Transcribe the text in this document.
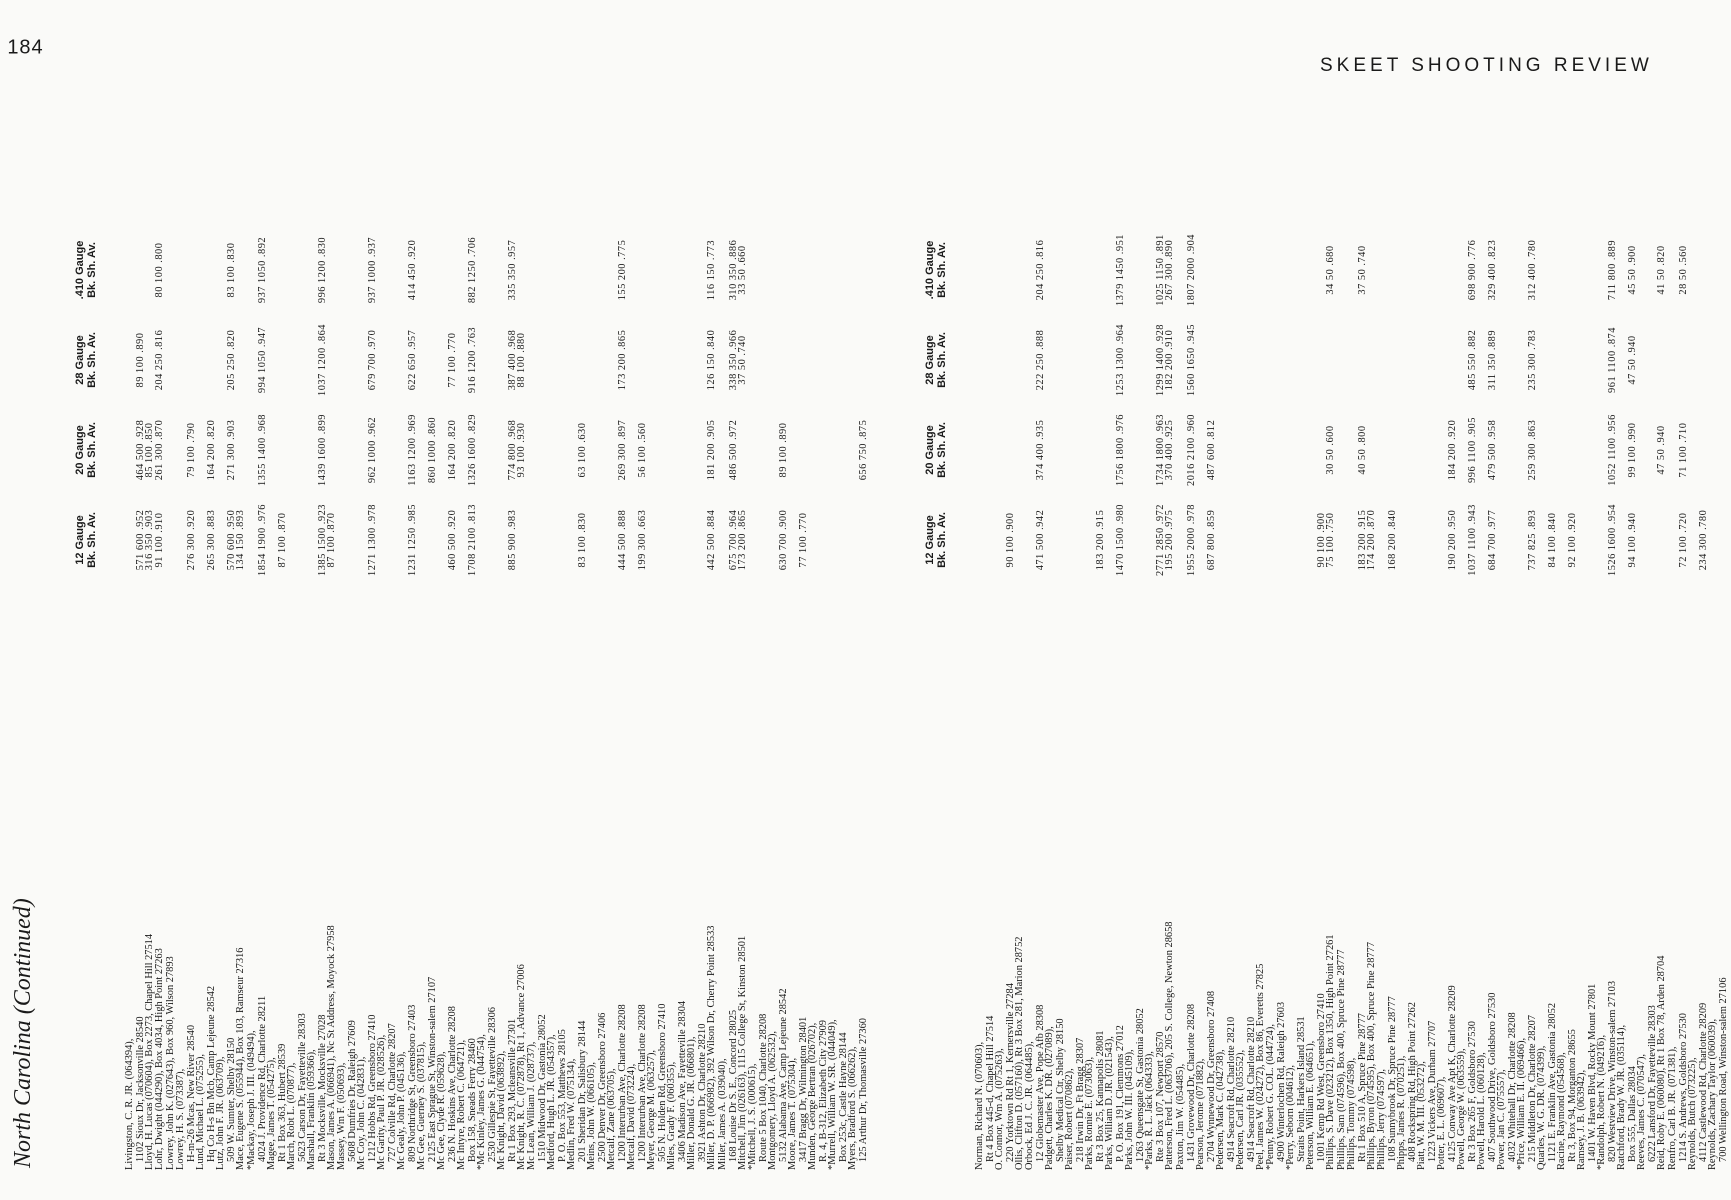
North Carolina (Continued)
184
SKEET SHOOTING REVIEW
12 Gauge Bk. Sh. Av.
20 Gauge Bk. Sh. Av.
28 Gauge Bk. Sh. Av.
.410 Gauge Bk. Sh. Av.
Livingston, C. R. JR. (064394), 1102 Sioux Dr, Jacksonville 28540
571 600 .952
464 500 .928
89 100 .890
Lloyd, H. Lucas (070604), Box 2273, Chapel Hill 27514
316 350 .903
85 100 .850
Lohr, Dwight (044290), Box 4034, High Point 27263
91 100 .910
261 300 .870
204 250 .816
80 100 .800
Lowrey, John K. (027643), Box 960, Wilson 27893 Lowrey, H. S. (073387), H-m-26 Mcas, New River 28540
276 300 .920
79 100 .790
Lund, Michael L. (075255), Hq Co H-s Bn Mcb, Camp Lejeune 28542
265 300 .883
164 200 .820
Lutz, John F. JR. (063709), 509 W. Sumter, Shelby 28150
570 600 .950
271 300 .903
205 250 .820
83 100 .830
Mace, Eugene S. (055944), Box 103, Ramseur 27316
134 150 .893
*Mackay, Joseph J. III. (049494), 4024 J. Providence Rd, Charlotte 28211
1854 1900 .976
1355 1400 .968
994 1050 .947
937 1050 .892
Magee, James T. (054275), Rt 1 Box 363, Hubert 28539
87 100 .870
March, Robt L. (070877), 5623 Carson Dr, Fayetteville 28303
Marshall, Franklin (059366), Rt 3 Mocksville, Mocksville 27028
1385 1500 .923
1439 1600 .899
1037 1200 .864
996 1200 .830
Mason, James A. (066941), Nc St Address, Moyock 27958
87 100 .870
Massey, Wm F. (050693), 5608 Dumfries Dr, Raleigh 27609
Mc Coy, John C. (042831), 1212 Hobbs Rd, Greensboro 27410
1271 1300 .978
962 1000 .962
679 700 .970
937 1000 .937
Mc Garity, Paul P. JR. (028526), 727 Colville Rd, Charlotte 28207
Mc Gealy, John P. (045136), 809 Northridge St, Greensboro 27403
1231 1250 .985
1163 1200 .969
622 650 .957
414 450 .920
Mc Gee, Guerney S. (037815), 2125 East Sprague St, Winston-salem 27107
860 1000 .860
Mc Gee, Clyde R. (059628), 236 N. Hoskins Ave, Charlotte 28208
460 500 .920
164 200 .820
77 100 .770
Mc Intyre, Robert C. (064721), Box 158, Sneads Ferry 28460
1708 2100 .813
1326 1600 .829
916 1200 .763
882 1250 .706
*Mc Kinley, James G. (044754), 2530 Gillespie St, Fayetteville 28306
Mc Knight, David (063892), Rt 1 Box 293, Mcleansville 27301
885 900 .983
774 800 .968
387 400 .968
335 350 .957
Mc Knight, R. C. (072878), Rt 1, Advance 27006
93 100 .930
88 100 .880
Mc Lean, William J. (028737), 1510 Midwood Dr, Gastonia 28052
Medford, Hugh L. JR. (054357), P. O. Box 553, Matthews 28105
Medlin, Fred W. (075134), 201 Sheridan Dr, Salisbury 28144
83 100 .830
63 100 .630
Meins, John W. (066105), 2500 Denver Dr, Greensboro 27406
Metcalf, Zane (063705), 1200 Interurban Ave, Charlotte 28208
444 500 .888
269 300 .897
173 200 .865
155 200 .775
Metcalf, David (073224), 1200 Interurban Ave, Charlotte 28208
199 300 .663
56 100 .560
Meyer, George M. (063257), 505 N. Holden Rd, Greensboro 27410
Miles, Grady F. (060355), 3406 Madison Ave, Fayetteville 28304
Miller, Donald G. JR. (066801), 3921 Ashton Dr, Charlotte 28210
Miller, D. P. (066982), 392 Wilson Dr, Cherry Point 28533
442 500 .884
181 200 .905
126 150 .840
116 150 .773
Miller, James A. (039040), 168 Louise Dr S. E., Concord 28025
675 700 .964
486 500 .972
338 350 .966
310 350 .886
Mitchell, Jim (026163), 1115 College St, Kinston 28501
173 200 .865
37 50 .740
33 50 .660
*Mitchell, J. S. (000615), Route 5 Box 1040, Charlotte 28208
Montgomery, Lloyd A. (062532), 5132 Alabama Ave, Camp Lejeune 28542
630 700 .900
89 100 .890
Moore, James T. (075304), 3417 Bragg Dr, Wilmington 28401
77 100 .770
Munden, George Bertran (026702), R. 4, B-312, Elizabeth City 27909
*Murrell, William W. SR. (044049), Box 253c, Castle Hayne 28144
Myers, Bradford S. (066262), 125 Arthur Dr, Thomasville 27360
656 750 .875
12 Gauge Bk. Sh. Av.
20 Gauge Bk. Sh. Av.
28 Gauge Bk. Sh. Av.
.410 Gauge Bk. Sh. Av.
Norman, Richard N. (070603), Rt 4 Box 445-d, Chapel Hill 27514
O. Connor, Wm A. (075263), 220 Yorktown Rd Rt 1, Kernersville 27284
90 100 .900
Ollis, Clifton D. (057160), Rt 3 Box 281, Marion 28752 Orbock, Ed J. C. JR. (064485), 12 Globemaster Ave, Pope Afb 28308
471 500 .942
374 400 .935
222 250 .888
204 250 .816
Padgett, Charles K. DR. (027089), Shelby Medical Ctr, Shelby 28150
Paiser, Robert (070862), 218 Irwin Dr, Ft Bragg 28307
Parks, Ronnie E. (073063), Rt 3 Box 25, Kannapolis 28081
183 200 .915
Parks, William D. JR. (021543), P. O. Box 191, Clemmons 27012
1470 1500 .980
1756 1800 .976
1253 1300 .964
1379 1450 .951
Parks, John W. III. (045109), 1263 Queensgate St, Gastonia 28052
*Parks, R. L. Jack (064333), Rte 3 Box 107, Newport 28570
2771 2850 .972
1734 1800 .963
1299 1400 .928
1025 1150 .891
Patterson, Fred L. (063706), 205 S. College, Newton 28658
195 200 .975
370 400 .925
182 200 .910
267 300 .890
Paxton, Jim W. (054485), 1431 Grovewood Dr, Charlotte 28208
1955 2000 .978
2016 2100 .960
1560 1650 .945
1807 2000 .904
Pearson, Jerome (071882), 2704 Wynnewood Dr, Greensboro 27408
687 800 .859
487 600 .812
Pedersen, Mark C. (042738), 4914 Seacroft Rd, Charlotte 28210
Pedersen, Carl JR. (035552), 4914 Seacroft Rd, Charlotte 28210
Peel, James W. (024272), Box 86, Everetts 27825 *Penny, Robert G. COL. (044724), 4900 Winterlochen Rd, Raleigh 27603
*Perry, Seborn (004612), Straits Point, Harkers Island 28531
Peterson, William E. (064651), 1001 Kemp Rd West, Greensboro 27410
90 100 .900
Phillips, S. Dave (023212), Box 1350, High Point 27261
75 100 .750
30 50 .600
34 50 .680
Phillips, Sam (074596), Box 400, Spruce Pine 28777 Phillips, Tommy (074598), Rt 1 Box 510 A, Spruce Pine 28777
183 200 .915
40 50 .800
37 50 .740
Phillips, Byron (074595), Box 400, Spruce Pine 28777
174 200 .870
Phillips, Jerry (074597), 108 Sunnybrook Dr, Spruce Pine 28777
168 200 .840
Phipps, James R. (070251), 408 Rockspring Rd, High Point 27262
Piatt, W. M. III. (053272), 1223 Vickers Ave, Durham 27707
Potter, E. L. (069607), 4125 Conway Ave Apt K, Charlotte 28209
190 200 .950
184 200 .920
Powell, George W. (063559), Rt 3 Box 265 F, Goldsboro 27530
1037 1100 .943
996 1100 .905
485 550 .882
698 900 .776
Powell, Harold L. (060128), 407 Southwood Drive, Goldsboro 27530
684 700 .977
479 500 .958
311 350 .889
329 400 .823
Power, Jan C. (075557), 4032 Whitehall Dr, Charlotte 28208
*Price, William E. II. (069466), 215 Middleton Dr, Charlotte 28207
737 825 .893
259 300 .863
235 300 .783
312 400 .780
Quarles, W. G. DR. (074399), 1121 E. Franklin Ave, Gastonia 28052
84 100 .840
Racine, Raymond (054568), Rt 3, Box 94, Morganton 28655
92 100 .920
Ramsey, J. B. (063942), 1401 W. Haven Blvd, Rocky Mount 27801
*Randolph, Robert N. (049216), 820 Westview Drive, Winston-salem 27103
1526 1600 .954
1052 1100 .956
961 1100 .874
711 800 .889
Ratchford, Brady W. JR. (035114), Box 555, Dallas 28034
94 100 .940
99 100 .990
47 50 .940
45 50 .900
Reeves, James C. (070547), 6222 Lansford Dr, Fayetteville 28303
Reid, Roby E. (060080), Rt 1 Box 78, Arden 28704
47 50 .940
41 50 .820
Renfro, Carl B. JR. (071381), 1214 S. Andrews, Goldsboro 27530
72 100 .720
71 100 .710
28 50 .560
Reynolds, Butch (073225), 4112 Castlewood Rd, Charlotte 28209
234 300 .780
Reynolds, Zachary Taylor (060039), 700 Wellington Road, Winston-salem 27106
